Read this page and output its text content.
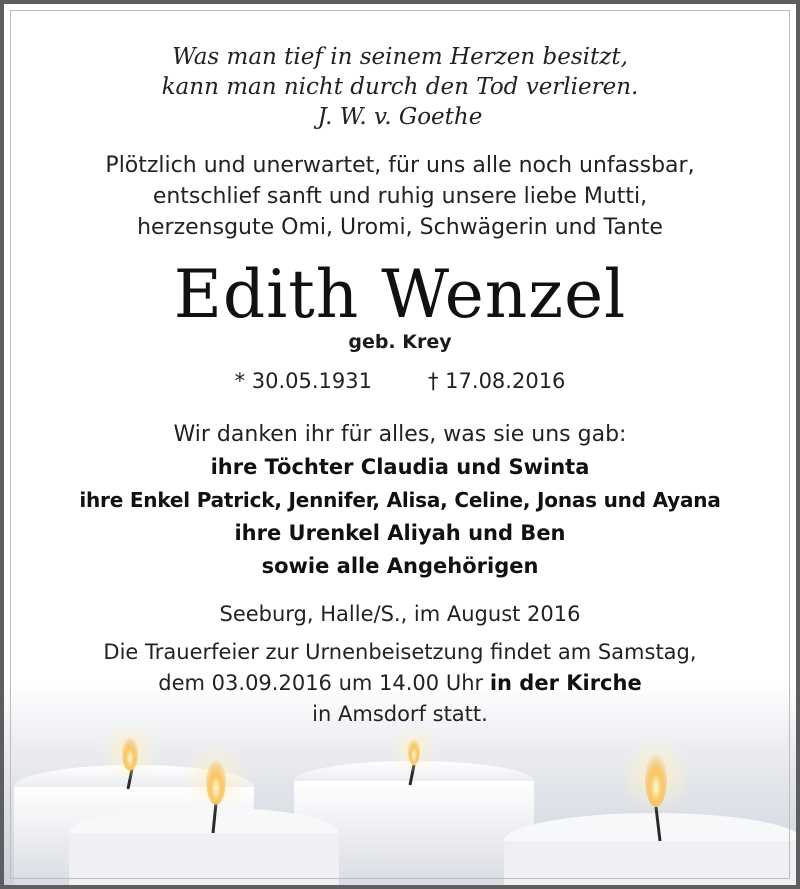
Was man tief in seinem Herzen besitzt,
kann man nicht durch den Tod verlieren.
J. W. v. Goethe
Plötzlich und unerwartet, für uns alle noch unfassbar,
entschlief sanft und ruhig unsere liebe Mutti,
herzensgute Omi, Uromi, Schwägerin und Tante
Edith Wenzel
geb. Krey
* 30.05.1931	† 17.08.2016
Wir danken ihr für alles, was sie uns gab:
ihre Töchter Claudia und Swinta
ihre Enkel Patrick, Jennifer, Alisa, Celine, Jonas und Ayana
ihre Urenkel Aliyah und Ben
sowie alle Angehörigen
Seeburg, Halle/S., im August 2016
Die Trauerfeier zur Urnenbeisetzung findet am Samstag,
dem 03.09.2016 um 14.00 Uhr in der Kirche
in Amsdorf statt.
